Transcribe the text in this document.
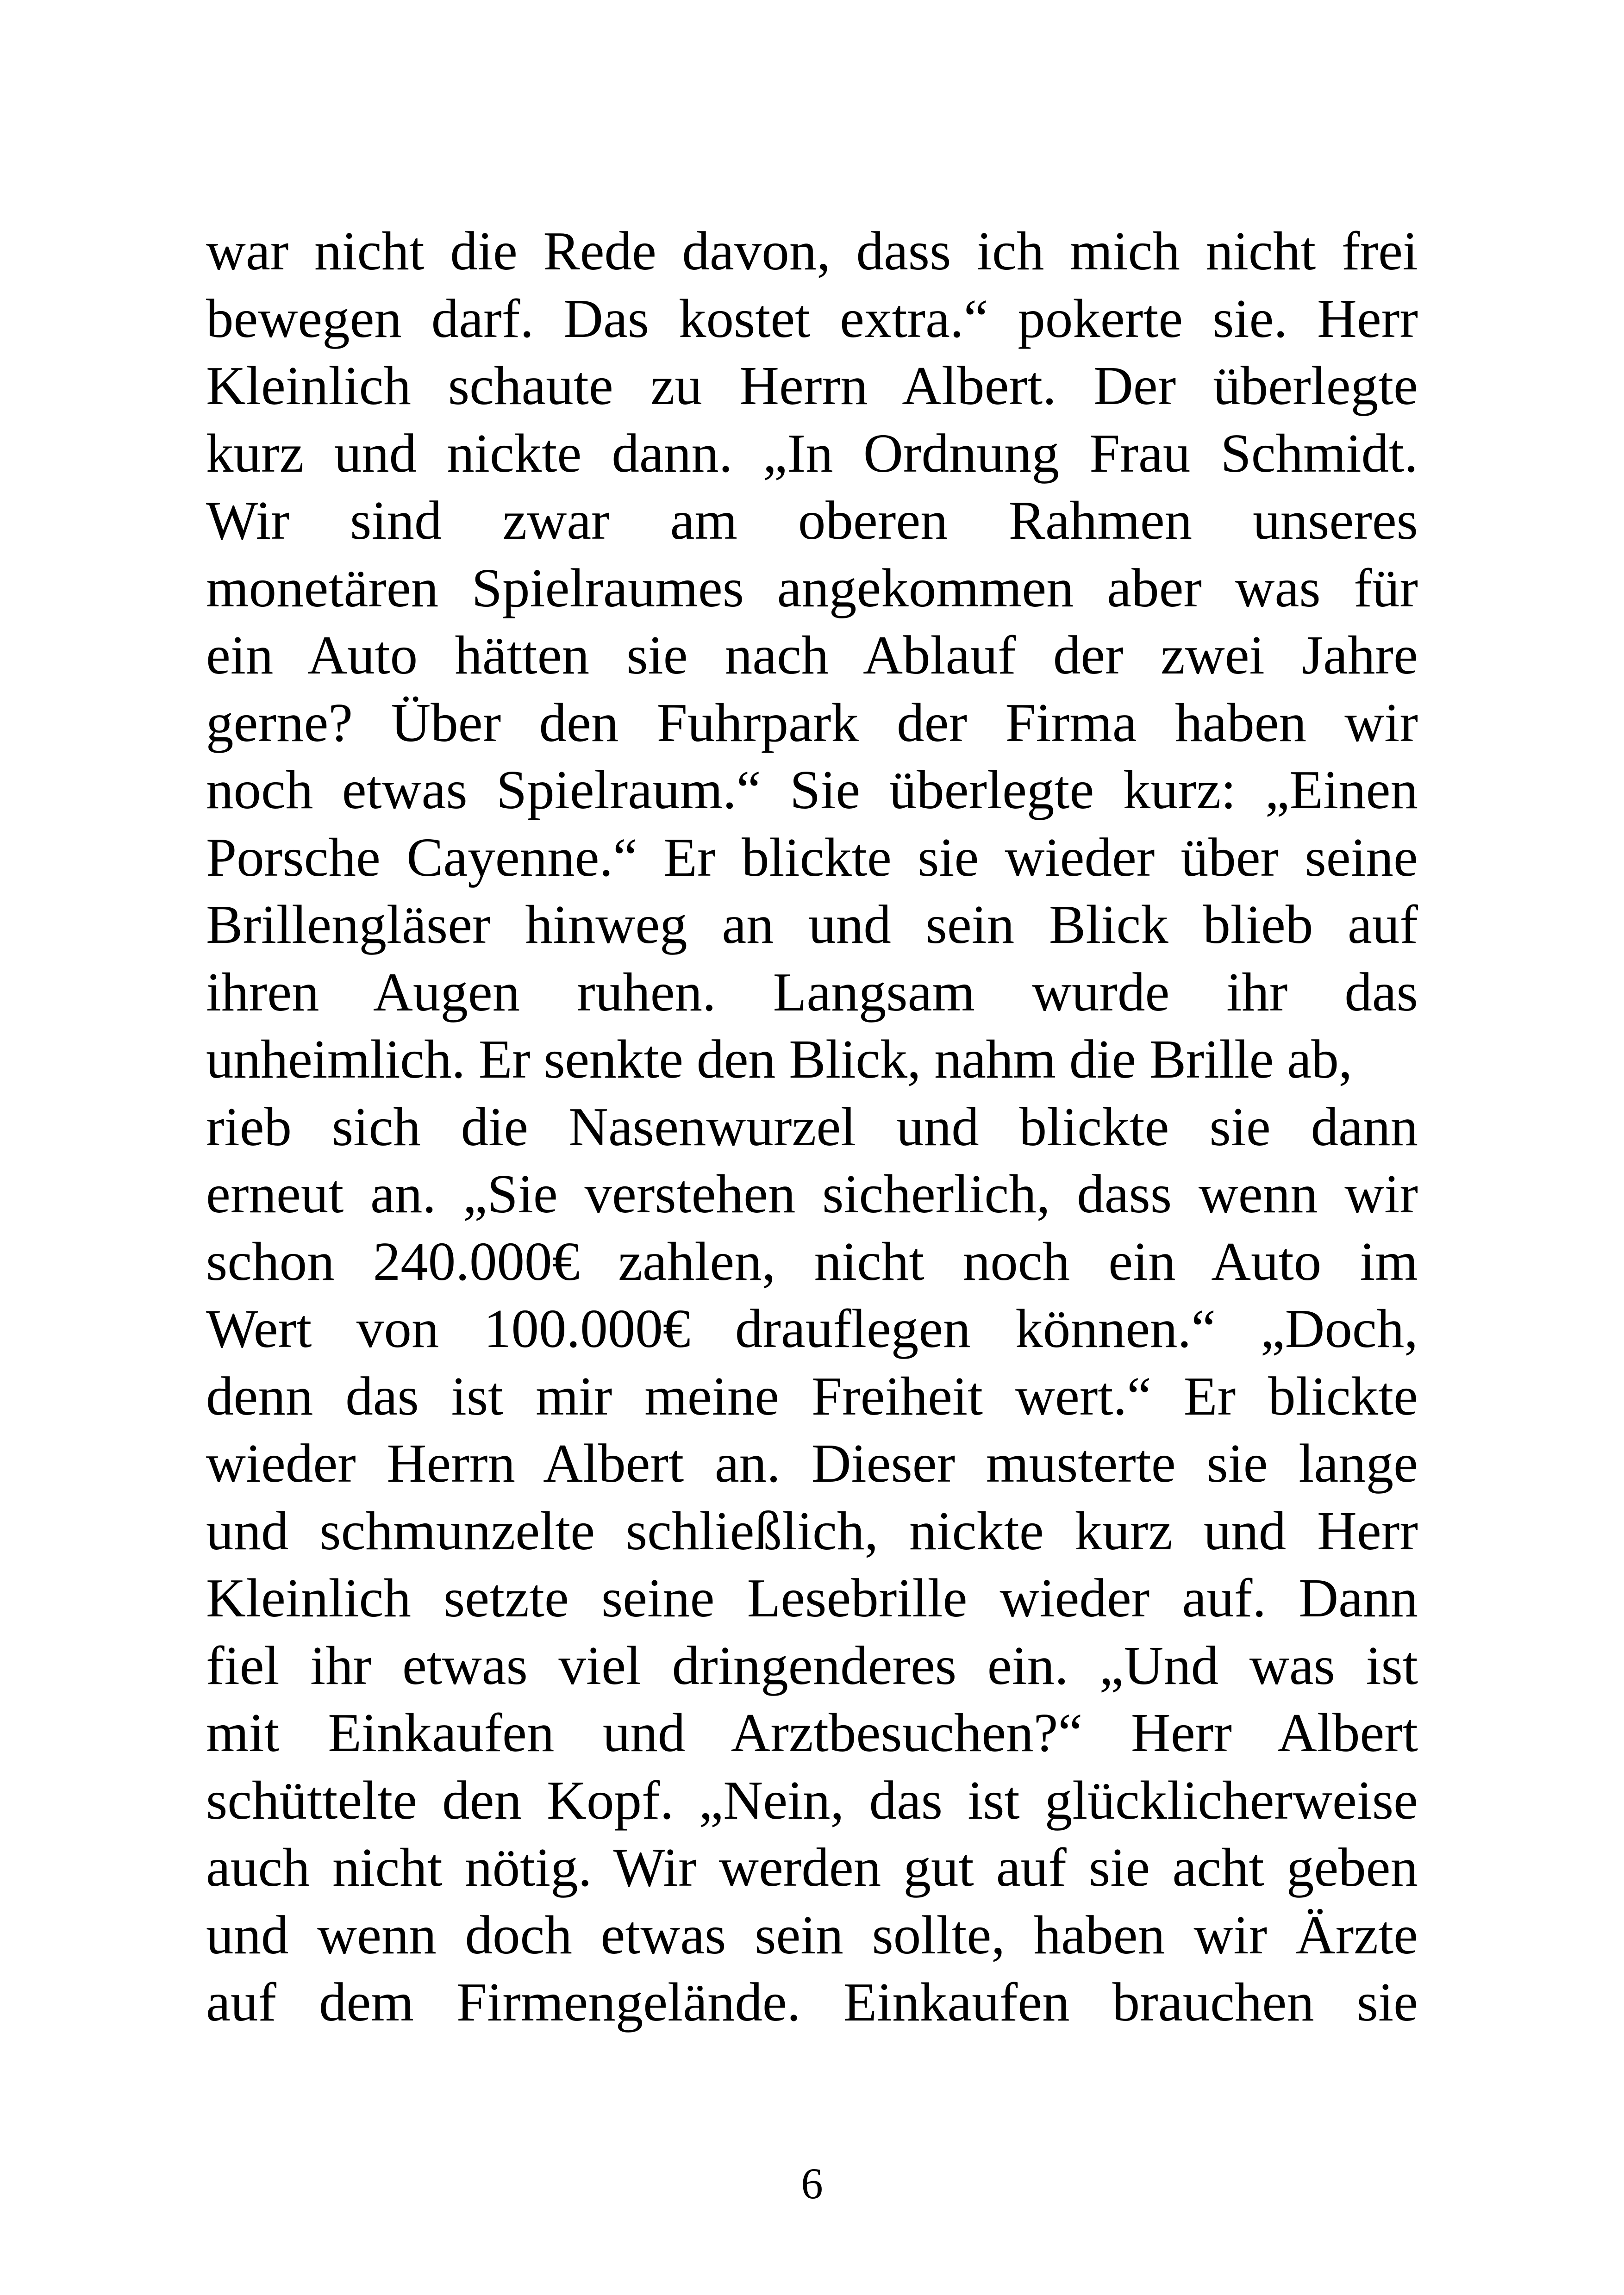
war nicht die Rede davon, dass ich mich nicht frei
bewegen darf. Das kostet extra.“ pokerte sie. Herr
Kleinlich schaute zu Herrn Albert. Der überlegte
kurz und nickte dann. „In Ordnung Frau Schmidt.
Wir sind zwar am oberen Rahmen unseres
monetären Spielraumes angekommen aber was für
ein Auto hätten sie nach Ablauf der zwei Jahre
gerne? Über den Fuhrpark der Firma haben wir
noch etwas Spielraum.“ Sie überlegte kurz: „Einen
Porsche Cayenne.“ Er blickte sie wieder über seine
Brillengläser hinweg an und sein Blick blieb auf
ihren Augen ruhen. Langsam wurde ihr das
unheimlich. Er senkte den Blick, nahm die Brille ab,
rieb sich die Nasenwurzel und blickte sie dann
erneut an. „Sie verstehen sicherlich, dass wenn wir
schon 240.000€ zahlen, nicht noch ein Auto im
Wert von 100.000€ drauflegen können.“ „Doch,
denn das ist mir meine Freiheit wert.“ Er blickte
wieder Herrn Albert an. Dieser musterte sie lange
und schmunzelte schließlich, nickte kurz und Herr
Kleinlich setzte seine Lesebrille wieder auf. Dann
fiel ihr etwas viel dringenderes ein. „Und was ist
mit Einkaufen und Arztbesuchen?“ Herr Albert
schüttelte den Kopf. „Nein, das ist glücklicherweise
auch nicht nötig. Wir werden gut auf sie acht geben
und wenn doch etwas sein sollte, haben wir Ärzte
auf dem Firmengelände. Einkaufen brauchen sie
6
